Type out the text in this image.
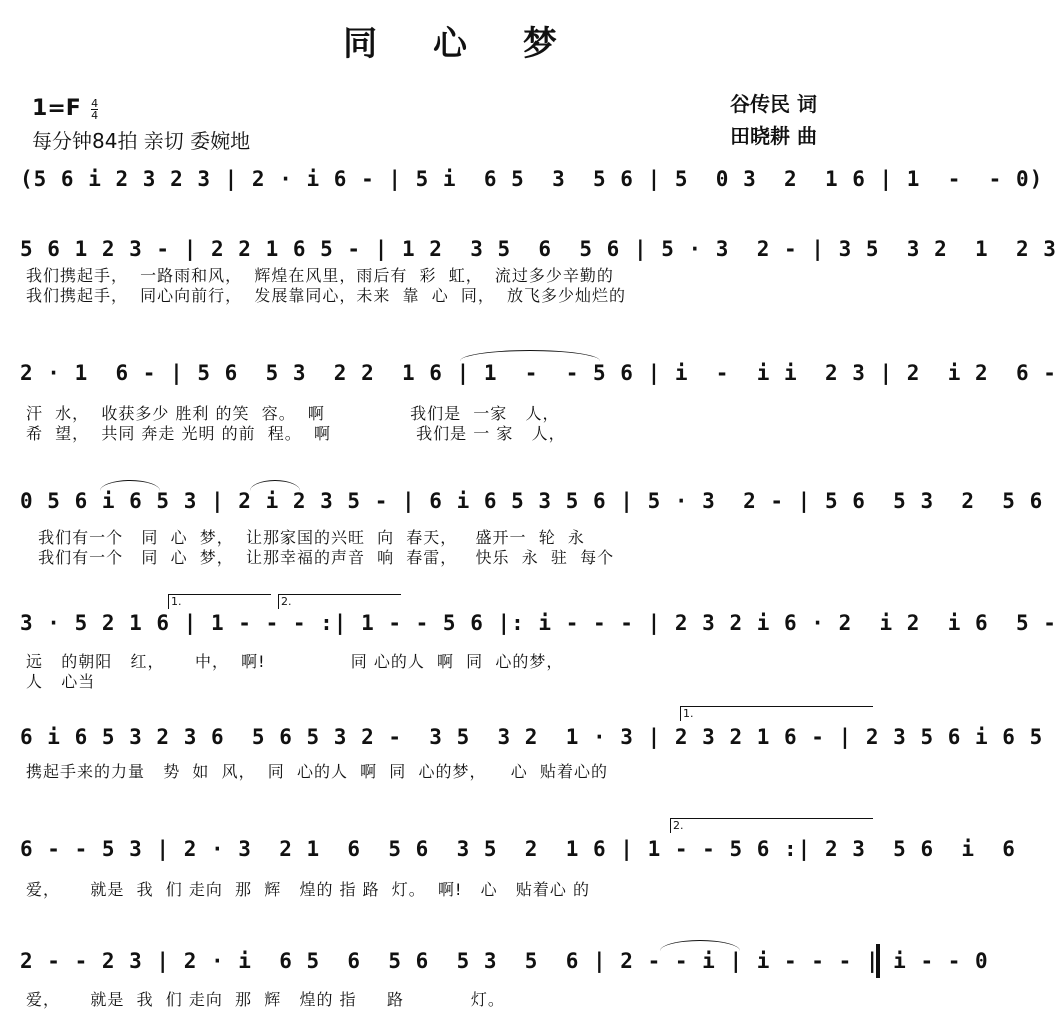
同 心 梦
$1=F \frac{4}{4}$
每分钟84拍 亲切 委婉地
谷传民 词
田晓耕 曲
(5 6 i 2 3 2 3 | 2 · i 6 - | 5 i  6 5  3  5 6 | 5  0 3  2  1 6 | 1  -  - 0)
5 6 1 2 3 - | 2 2 1 6 5 - | 1 2  3 5  6  5 6 | 5 · 3  2 - | 3 5  3 2  1  2 3
我们携起手，  一路雨和风，  辉煌在风里，雨后有  彩  虹，  流过多少辛勤的
我们携起手，  同心向前行，  发展靠同心，未来  靠  心  同，  放飞多少灿烂的
2 · 1  6 - | 5 6  5 3  2 2  1 6 | 1  -  - 5 6 | i  -  i i  2 3 | 2  i 2  6 -
汗  水，  收获多少 胜利 的笑  容。  啊              我们是  一家   人，
希  望，  共同 奔走 光明 的前  程。  啊              我们是 一 家   人，
0 5 6 i 6 5 3 | 2 i 2 3 5 - | 6 i 6 5 3 5 6 | 5 · 3  2 - | 5 6  5 3  2  5 6
我们有一个   同  心  梦，  让那家国的兴旺  向  春天，   盛开一  轮  永
我们有一个   同  心  梦，  让那幸福的声音  响  春雷，   快乐  永  驻  每个
1.	2.
3 · 5 2 1 6 | 1 - - - :| 1 - - 5 6 |: i - - - | 2 3 2 i 6 · 2  i 2  i 6  5 -
远   的朝阳   红，     中，  啊!              同 心的人  啊  同  心的梦，
人   心当
1.
6 i 6 5 3 2 3 6  5 6 5 3 2 -  3 5  3 2  1 · 3 | 2 3 2 1 6 - | 2 3 5 6 i 6 5
携起手来的力量   势  如  风，  同  心的人  啊  同  心的梦，    心  贴着心的
2.
6 - - 5 3 | 2 · 3  2 1  6  5 6  3 5  2  1 6 | 1 - - 5 6 :| 2 3  5 6  i  6
爱，     就是  我  们 走向  那  辉   煌的 指 路  灯。  啊!   心   贴着心 的
2 - - 2 3 | 2 · i  6 5  6  5 6  5 3  5  6 | 2 - - i | i - - - | i - - 0
爱，     就是  我  们 走向  那  辉   煌的 指     路           灯。
